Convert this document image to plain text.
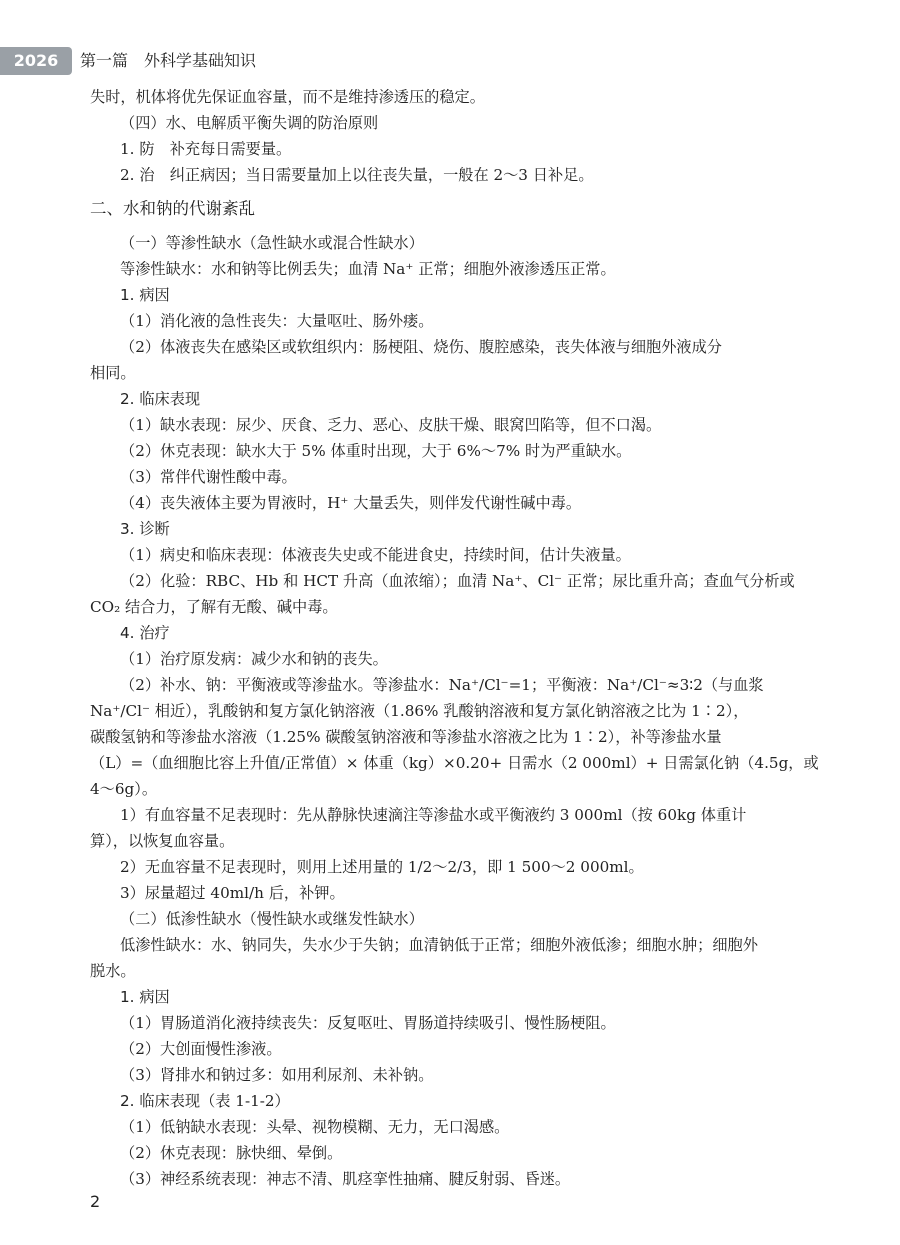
2026	第一篇　外科学基础知识
失时，机体将优先保证血容量，而不是维持渗透压的稳定。
（四）水、电解质平衡失调的防治原则
1. 防　补充每日需要量。
2. 治　纠正病因；当日需要量加上以往丧失量，一般在 2～3 日补足。
二、水和钠的代谢紊乱
（一）等渗性缺水（急性缺水或混合性缺水）
等渗性缺水：水和钠等比例丢失；血清 Na⁺ 正常；细胞外液渗透压正常。
1. 病因
（1）消化液的急性丧失：大量呕吐、肠外瘘。
（2）体液丧失在感染区或软组织内：肠梗阻、烧伤、腹腔感染，丧失体液与细胞外液成分
相同。
2. 临床表现
（1）缺水表现：尿少、厌食、乏力、恶心、皮肤干燥、眼窝凹陷等，但不口渴。
（2）休克表现：缺水大于 5% 体重时出现，大于 6%～7% 时为严重缺水。
（3）常伴代谢性酸中毒。
（4）丧失液体主要为胃液时，H⁺ 大量丢失，则伴发代谢性碱中毒。
3. 诊断
（1）病史和临床表现：体液丧失史或不能进食史，持续时间，估计失液量。
（2）化验：RBC、Hb 和 HCT 升高（血浓缩）；血清 Na⁺、Cl⁻ 正常；尿比重升高；查血气分析或
CO₂ 结合力，了解有无酸、碱中毒。
4. 治疗
（1）治疗原发病：减少水和钠的丧失。
（2）补水、钠：平衡液或等渗盐水。等渗盐水：Na⁺/Cl⁻=1；平衡液：Na⁺/Cl⁻≈3∶2（与血浆
Na⁺/Cl⁻ 相近），乳酸钠和复方氯化钠溶液（1.86% 乳酸钠溶液和复方氯化钠溶液之比为 1∶2），
碳酸氢钠和等渗盐水溶液（1.25% 碳酸氢钠溶液和等渗盐水溶液之比为 1∶2），补等渗盐水量
（L）=（血细胞比容上升值/正常值）× 体重（kg）×0.20+ 日需水（2 000ml）+ 日需氯化钠（4.5g，或
4～6g）。
1）有血容量不足表现时：先从静脉快速滴注等渗盐水或平衡液约 3 000ml（按 60kg 体重计
算），以恢复血容量。
2）无血容量不足表现时，则用上述用量的 1/2～2/3，即 1 500～2 000ml。
3）尿量超过 40ml/h 后，补钾。
（二）低渗性缺水（慢性缺水或继发性缺水）
低渗性缺水：水、钠同失，失水少于失钠；血清钠低于正常；细胞外液低渗；细胞水肿；细胞外
脱水。
1. 病因
（1）胃肠道消化液持续丧失：反复呕吐、胃肠道持续吸引、慢性肠梗阻。
（2）大创面慢性渗液。
（3）肾排水和钠过多：如用利尿剂、未补钠。
2. 临床表现（表 1-1-2）
（1）低钠缺水表现：头晕、视物模糊、无力，无口渴感。
（2）休克表现：脉快细、晕倒。
（3）神经系统表现：神志不清、肌痉挛性抽痛、腱反射弱、昏迷。
2
